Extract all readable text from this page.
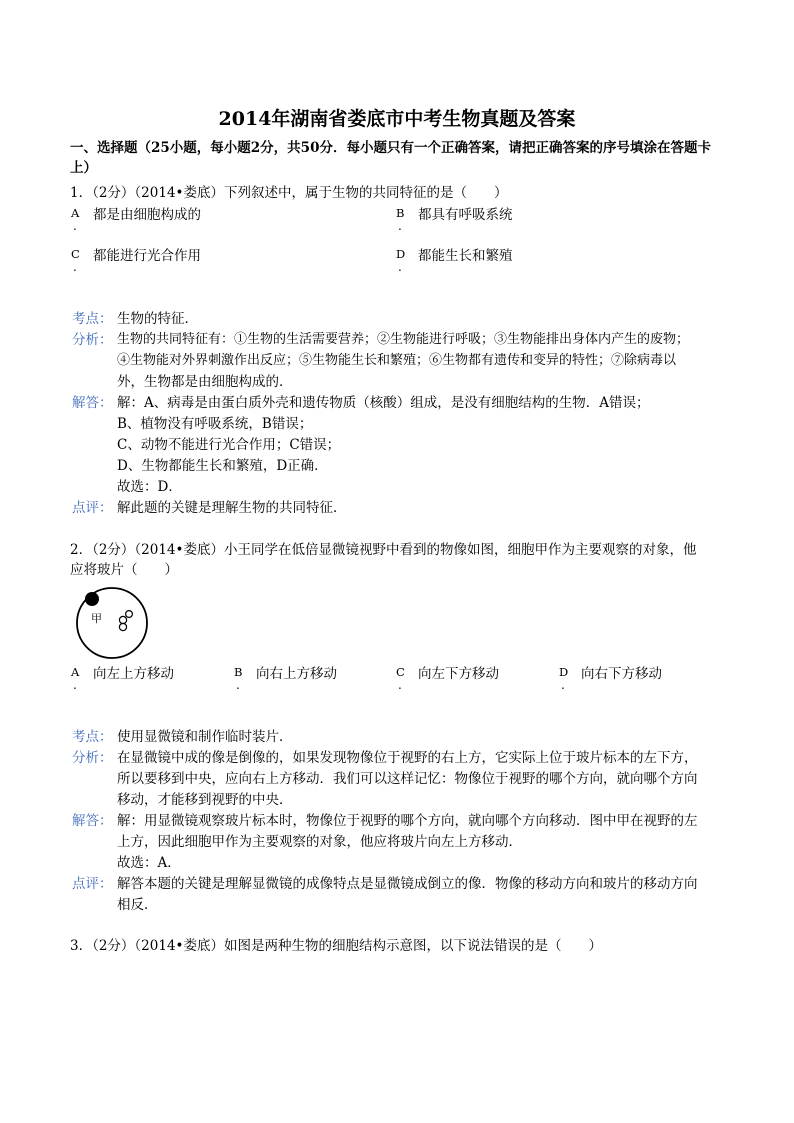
2014年湖南省娄底市中考生物真题及答案
一、选择题（25小题，每小题2分，共50分．每小题只有一个正确答案，请把正确答案的序号填涂在答题卡上）
1．（2分）（2014•娄底）下列叙述中，属于生物的共同特征的是（　　）
A 都是由细胞构成的
.
B 都具有呼吸系统
.
C 都能进行光合作用
.
D 都能生长和繁殖
.
考点： 生物的特征．
分析： 生物的共同特征有：①生物的生活需要营养；②生物能进行呼吸；③生物能排出身体内产生的废物；
④生物能对外界刺激作出反应；⑤生物能生长和繁殖；⑥生物都有遗传和变异的特性；⑦除病毒以
外，生物都是由细胞构成的．
解答： 解：A、病毒是由蛋白质外壳和遗传物质（核酸）组成，是没有细胞结构的生物．A错误；
B、植物没有呼吸系统，B错误；
C、动物不能进行光合作用；C错误；
D、生物都能生长和繁殖，D正确．
故选：D．
点评： 解此题的关键是理解生物的共同特征．
2．（2分）（2014•娄底）小王同学在低倍显微镜视野中看到的物像如图，细胞甲作为主要观察的对象，他
应将玻片（　　）
甲
A 向左上方移动
.
B 向右上方移动
.
C 向左下方移动
.
D 向右下方移动
.
考点： 使用显微镜和制作临时装片．
分析： 在显微镜中成的像是倒像的，如果发现物像位于视野的右上方，它实际上位于玻片标本的左下方，
所以要移到中央，应向右上方移动．我们可以这样记忆：物像位于视野的哪个方向，就向哪个方向
移动，才能移到视野的中央．
解答： 解：用显微镜观察玻片标本时，物像位于视野的哪个方向，就向哪个方向移动．图中甲在视野的左
上方，因此细胞甲作为主要观察的对象，他应将玻片向左上方移动．
故选：A．
点评： 解答本题的关键是理解显微镜的成像特点是显微镜成倒立的像．物像的移动方向和玻片的移动方向
相反．
3．（2分）（2014•娄底）如图是两种生物的细胞结构示意图，以下说法错误的是（　　）
